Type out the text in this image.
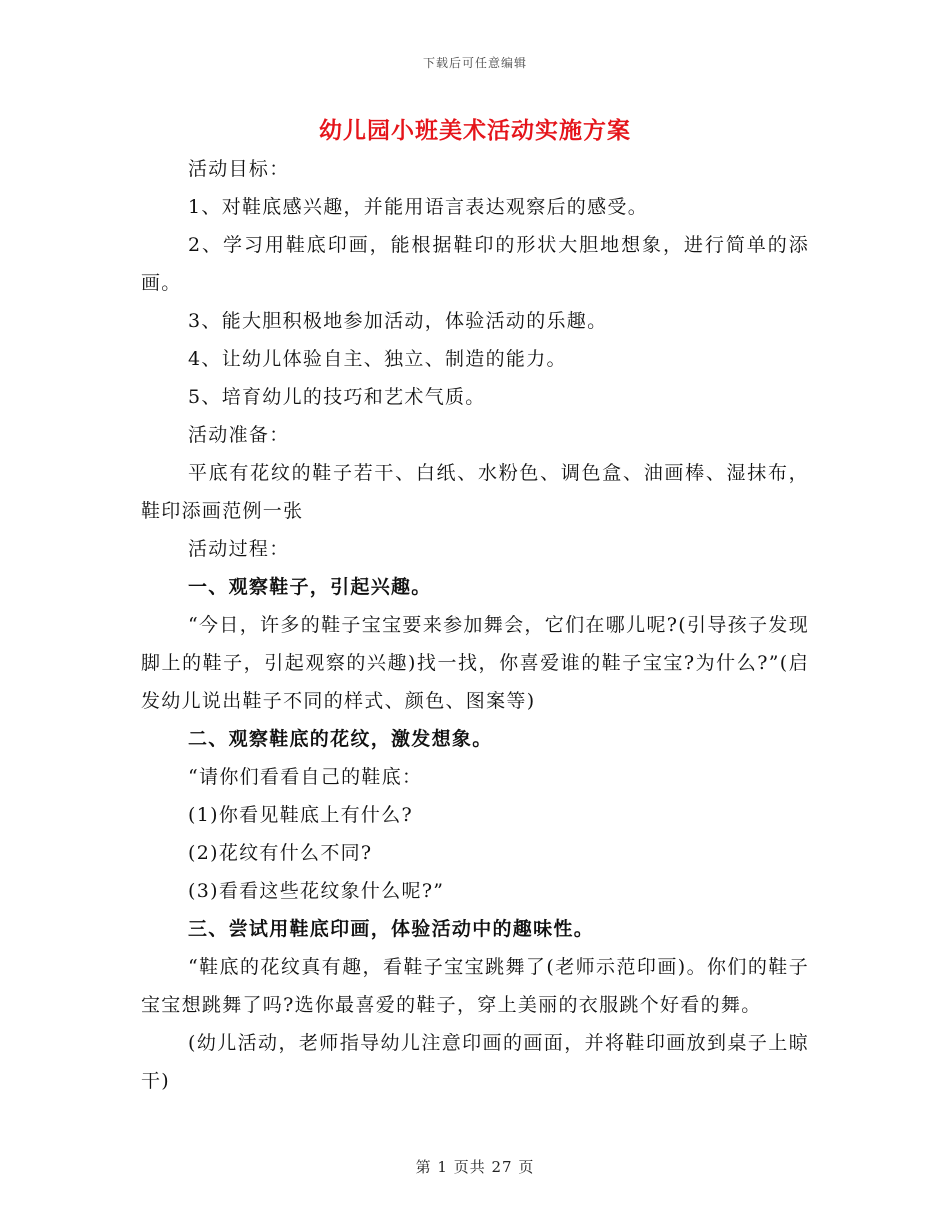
下载后可任意编辑
幼儿园小班美术活动实施方案

活动目标：

1、对鞋底感兴趣，并能用语言表达观察后的感受。

2、学习用鞋底印画，能根据鞋印的形状大胆地想象，进行简单的添画。

3、能大胆积极地参加活动，体验活动的乐趣。

4、让幼儿体验自主、独立、制造的能力。

5、培育幼儿的技巧和艺术气质。

活动准备：

平底有花纹的鞋子若干、白纸、水粉色、调色盒、油画棒、湿抹布，鞋印添画范例一张

活动过程：

一、观察鞋子，引起兴趣。

“今日，许多的鞋子宝宝要来参加舞会，它们在哪儿呢?(引导孩子发现脚上的鞋子，引起观察的兴趣)找一找，你喜爱谁的鞋子宝宝?为什么?”(启发幼儿说出鞋子不同的样式、颜色、图案等)

二、观察鞋底的花纹，激发想象。

“请你们看看自己的鞋底：

(1)你看见鞋底上有什么?

(2)花纹有什么不同?

(3)看看这些花纹象什么呢?”

三、尝试用鞋底印画，体验活动中的趣味性。

“鞋底的花纹真有趣，看鞋子宝宝跳舞了(老师示范印画)。你们的鞋子宝宝想跳舞了吗?选你最喜爱的鞋子，穿上美丽的衣服跳个好看的舞。

(幼儿活动，老师指导幼儿注意印画的画面，并将鞋印画放到桌子上晾干)

第 1 页共 27 页
